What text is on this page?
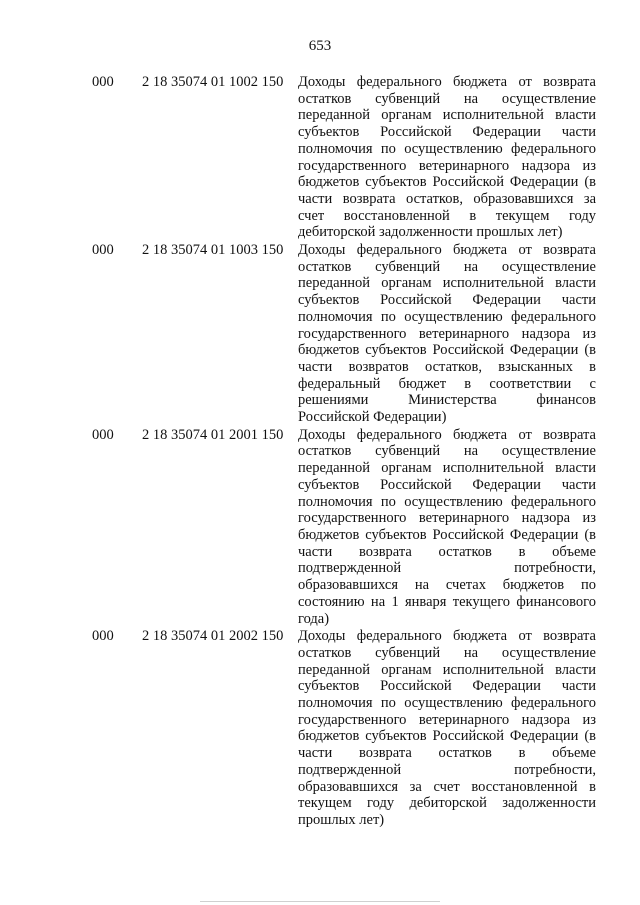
653
000 2 18 35074 01 1002 150 Доходы федерального бюджета от возврата
остатков субвенций на осуществление
переданной органам исполнительной власти
субъектов Российской Федерации части
полномочия по осуществлению федерального
государственного ветеринарного надзора из
бюджетов субъектов Российской Федерации (в
части возврата остатков, образовавшихся за
счет восстановленной в текущем году
дебиторской задолженности прошлых лет)
000 2 18 35074 01 1003 150 Доходы федерального бюджета от возврата
остатков субвенций на осуществление
переданной органам исполнительной власти
субъектов Российской Федерации части
полномочия по осуществлению федерального
государственного ветеринарного надзора из
бюджетов субъектов Российской Федерации (в
части возвратов остатков, взысканных в
федеральный бюджет в соответствии с
решениями Министерства финансов
Российской Федерации)
000 2 18 35074 01 2001 150 Доходы федерального бюджета от возврата
остатков субвенций на осуществление
переданной органам исполнительной власти
субъектов Российской Федерации части
полномочия по осуществлению федерального
государственного ветеринарного надзора из
бюджетов субъектов Российской Федерации (в
части возврата остатков в объеме
подтвержденной потребности,
образовавшихся на счетах бюджетов по
состоянию на 1 января текущего финансового
года)
000 2 18 35074 01 2002 150 Доходы федерального бюджета от возврата
остатков субвенций на осуществление
переданной органам исполнительной власти
субъектов Российской Федерации части
полномочия по осуществлению федерального
государственного ветеринарного надзора из
бюджетов субъектов Российской Федерации (в
части возврата остатков в объеме
подтвержденной потребности,
образовавшихся за счет восстановленной в
текущем году дебиторской задолженности
прошлых лет)
